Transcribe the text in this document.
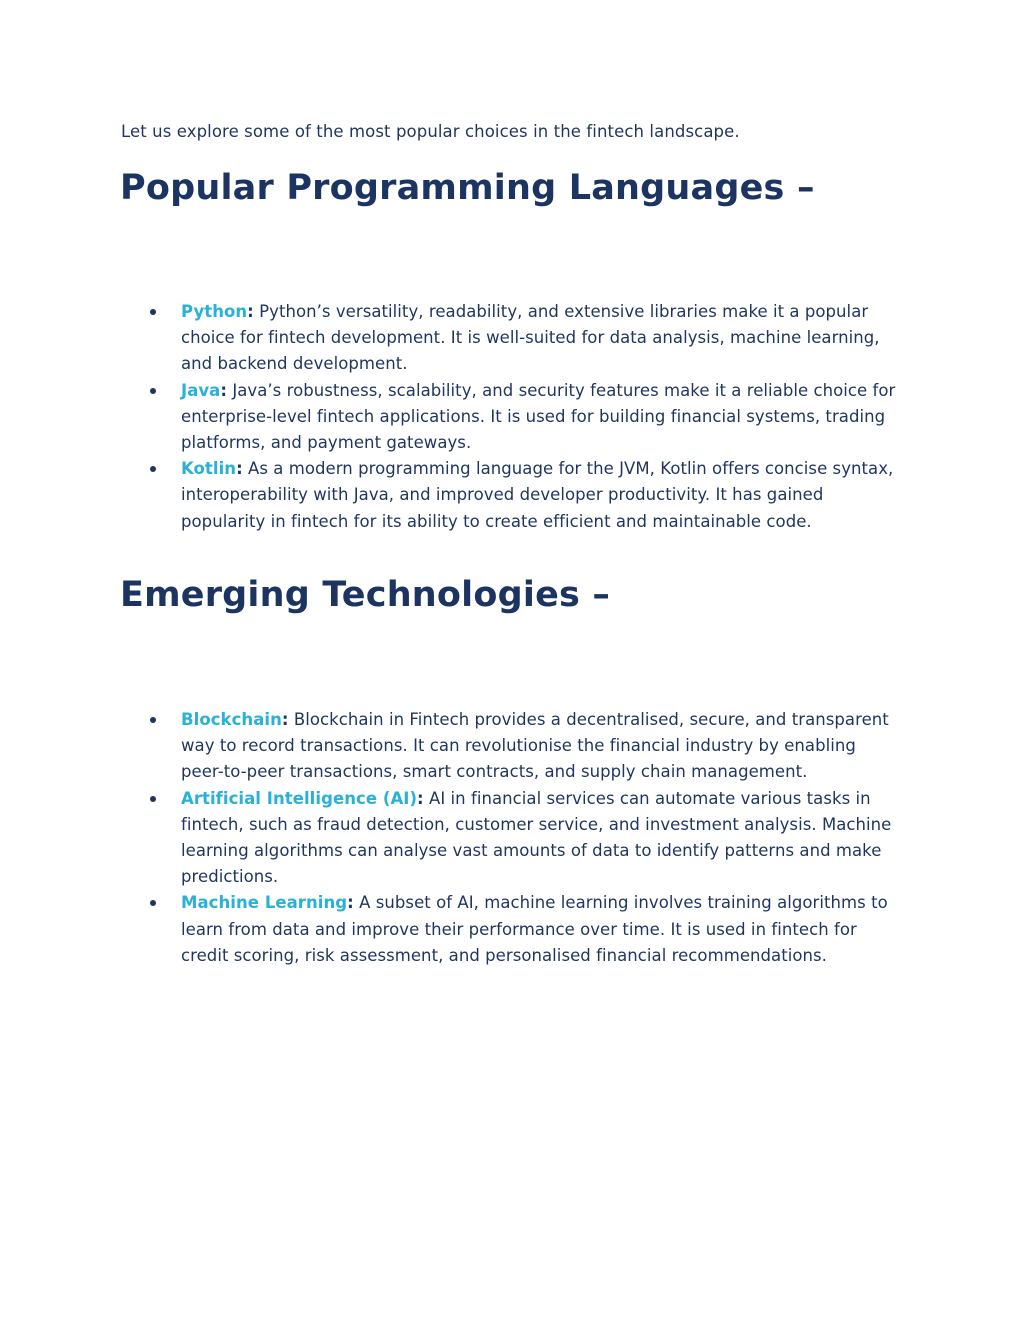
Let us explore some of the most popular choices in the fintech landscape.

Popular Programming Languages –
Python: Python’s versatility, readability, and extensive libraries make it a popular choice for fintech development. It is well-suited for data analysis, machine learning, and backend development.
Java: Java’s robustness, scalability, and security features make it a reliable choice for enterprise-level fintech applications. It is used for building financial systems, trading platforms, and payment gateways.
Kotlin: As a modern programming language for the JVM, Kotlin offers concise syntax, interoperability with Java, and improved developer productivity. It has gained popularity in fintech for its ability to create efficient and maintainable code.
Emerging Technologies –
Blockchain: Blockchain in Fintech provides a decentralised, secure, and transparent way to record transactions. It can revolutionise the financial industry by enabling peer-to-peer transactions, smart contracts, and supply chain management.
Artificial Intelligence (AI): AI in financial services can automate various tasks in fintech, such as fraud detection, customer service, and investment analysis. Machine learning algorithms can analyse vast amounts of data to identify patterns and make predictions.
Machine Learning: A subset of AI, machine learning involves training algorithms to learn from data and improve their performance over time. It is used in fintech for credit scoring, risk assessment, and personalised financial recommendations.
